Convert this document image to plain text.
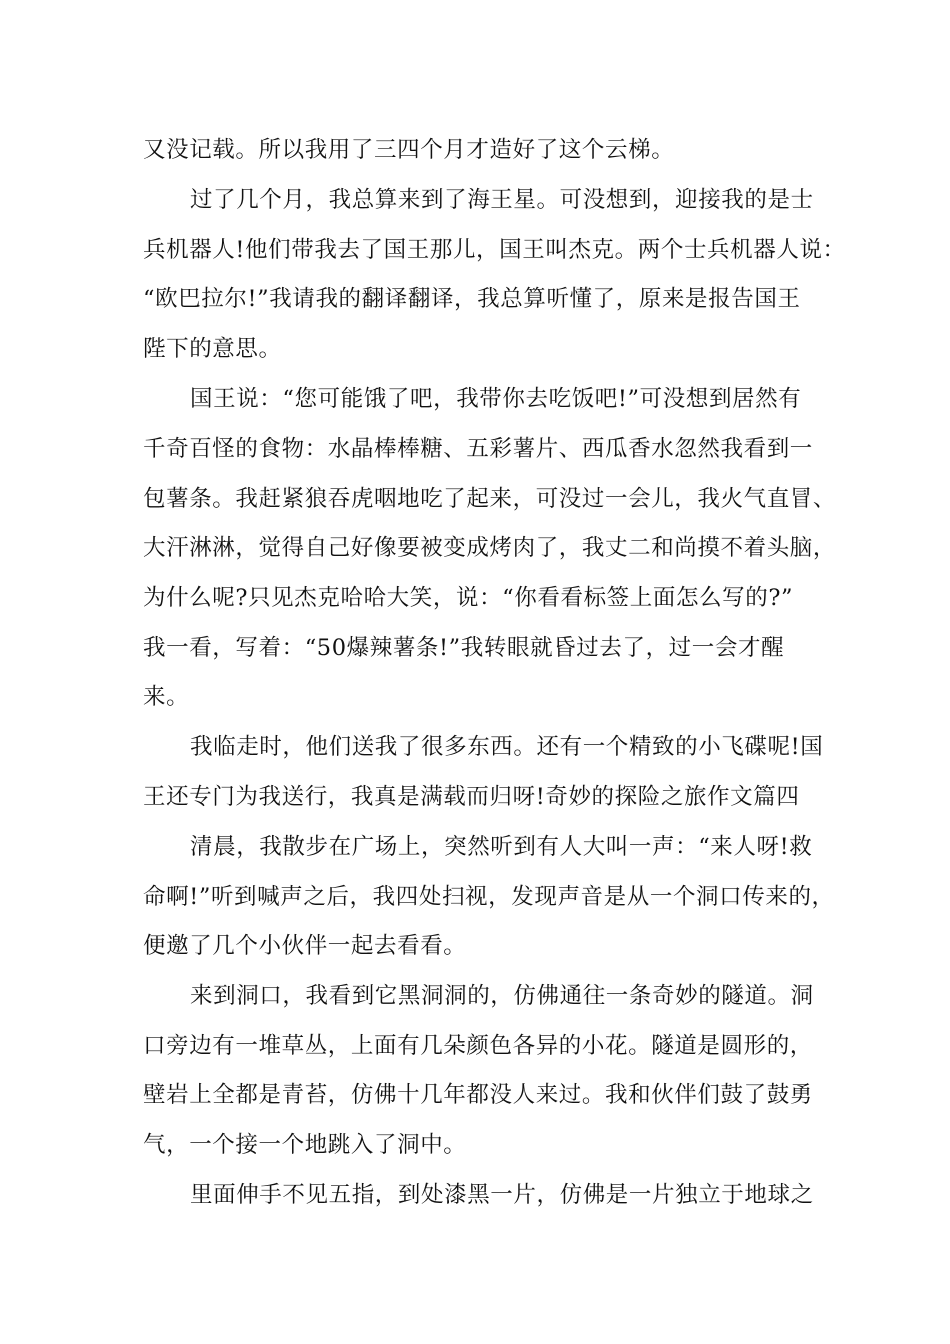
又没记载。所以我用了三四个月才造好了这个云梯。
过了几个月，我总算来到了海王星。可没想到，迎接我的是士
兵机器人!他们带我去了国王那儿，国王叫杰克。两个士兵机器人说：
“欧巴拉尔!”我请我的翻译翻译，我总算听懂了，原来是报告国王
陛下的意思。
国王说：“您可能饿了吧，我带你去吃饭吧!”可没想到居然有
千奇百怪的食物：水晶棒棒糖、五彩薯片、西瓜香水忽然我看到一
包薯条。我赶紧狼吞虎咽地吃了起来，可没过一会儿，我火气直冒、
大汗淋淋，觉得自己好像要被变成烤肉了，我丈二和尚摸不着头脑，
为什么呢?只见杰克哈哈大笑，说：“你看看标签上面怎么写的?”
我一看，写着：“50爆辣薯条!”我转眼就昏过去了，过一会才醒
来。
我临走时，他们送我了很多东西。还有一个精致的小飞碟呢!国
王还专门为我送行，我真是满载而归呀!奇妙的探险之旅作文篇四
清晨，我散步在广场上，突然听到有人大叫一声：“来人呀!救
命啊!”听到喊声之后，我四处扫视，发现声音是从一个洞口传来的，
便邀了几个小伙伴一起去看看。
来到洞口，我看到它黑洞洞的，仿佛通往一条奇妙的隧道。洞
口旁边有一堆草丛，上面有几朵颜色各异的小花。隧道是圆形的，
壁岩上全都是青苔，仿佛十几年都没人来过。我和伙伴们鼓了鼓勇
气，一个接一个地跳入了洞中。
里面伸手不见五指，到处漆黑一片，仿佛是一片独立于地球之
